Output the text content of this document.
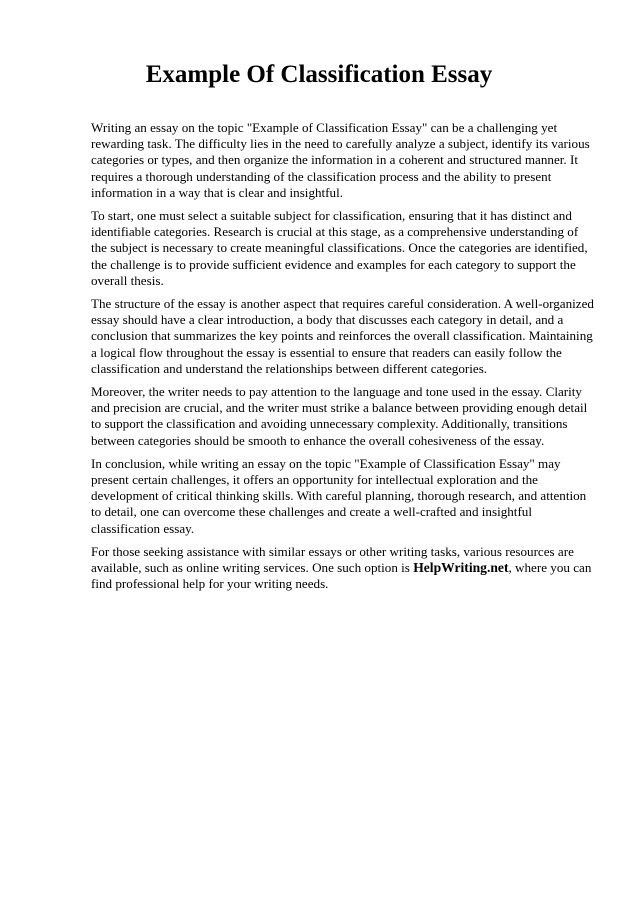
Example Of Classification Essay

Writing an essay on the topic "Example of Classification Essay" can be a challenging yet rewarding task. The difficulty lies in the need to carefully analyze a subject, identify its various categories or types, and then organize the information in a coherent and structured manner. It requires a thorough understanding of the classification process and the ability to present information in a way that is clear and insightful.

To start, one must select a suitable subject for classification, ensuring that it has distinct and identifiable categories. Research is crucial at this stage, as a comprehensive understanding of the subject is necessary to create meaningful classifications. Once the categories are identified, the challenge is to provide sufficient evidence and examples for each category to support the overall thesis.

The structure of the essay is another aspect that requires careful consideration. A well-organized essay should have a clear introduction, a body that discusses each category in detail, and a conclusion that summarizes the key points and reinforces the overall classification. Maintaining a logical flow throughout the essay is essential to ensure that readers can easily follow the classification and understand the relationships between different categories.

Moreover, the writer needs to pay attention to the language and tone used in the essay. Clarity and precision are crucial, and the writer must strike a balance between providing enough detail to support the classification and avoiding unnecessary complexity. Additionally, transitions between categories should be smooth to enhance the overall cohesiveness of the essay.

In conclusion, while writing an essay on the topic "Example of Classification Essay" may present certain challenges, it offers an opportunity for intellectual exploration and the development of critical thinking skills. With careful planning, thorough research, and attention to detail, one can overcome these challenges and create a well-crafted and insightful classification essay.

For those seeking assistance with similar essays or other writing tasks, various resources are available, such as online writing services. One such option is HelpWriting.net, where you can find professional help for your writing needs.
